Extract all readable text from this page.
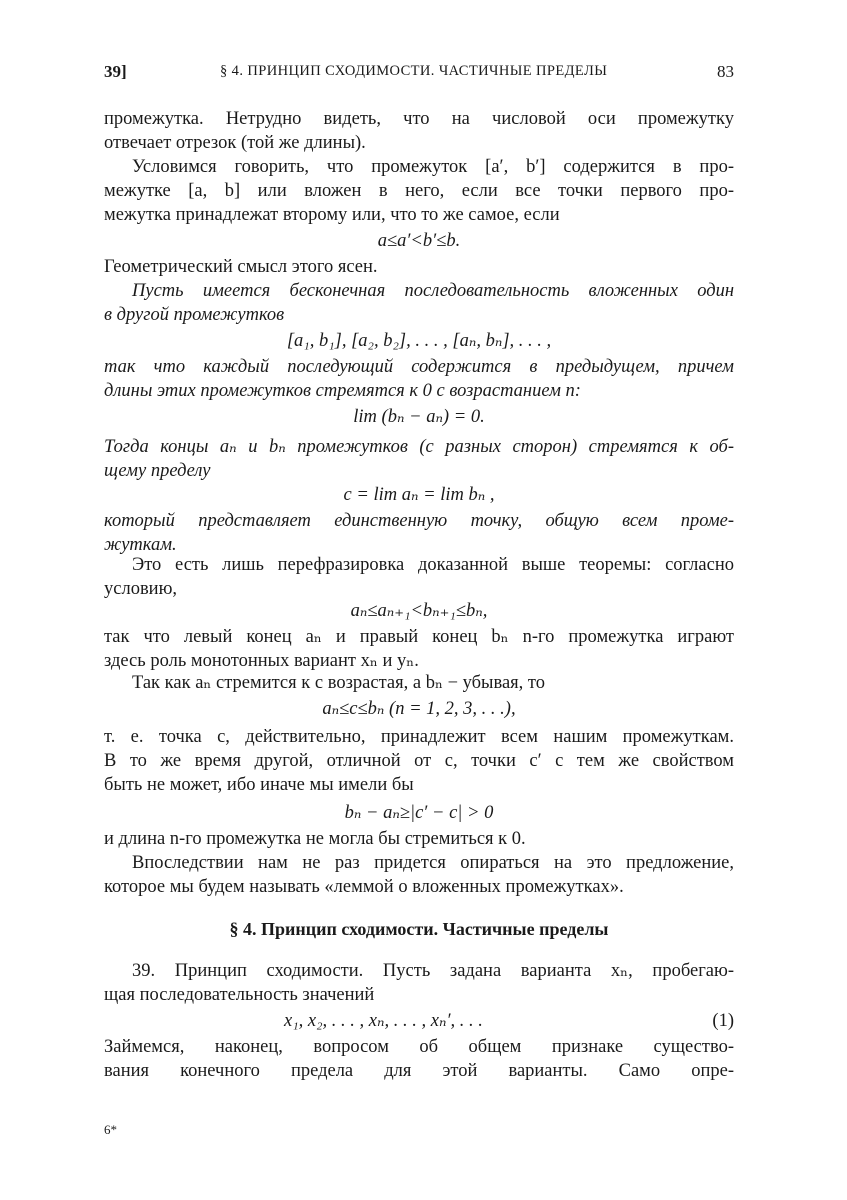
39]	§ 4. ПРИНЦИП СХОДИМОСТИ. ЧАСТИЧНЫЕ ПРЕДЕЛЫ	83
промежутка. Нетрудно видеть, что на числовой оси промежутку
отвечает отрезок (той же длины).
Условимся говорить, что промежуток [a′, b′] содержится в про-
межутке [a, b] или вложен в него, если все точки первого про-
межутка принадлежат второму или, что то же самое, если
a≤a′<b′≤b.
Геометрический смысл этого ясен.
Пусть имеется бесконечная последовательность вложенных один
в другой промежутков
[a₁, b₁], [a₂, b₂], . . . , [aₙ, bₙ], . . . ,
так что каждый последующий содержится в предыдущем, причем
длины этих промежутков стремятся к 0 с возрастанием n:
lim (bₙ − aₙ) = 0.
Тогда концы aₙ и bₙ промежутков (с разных сторон) стремятся к об-
щему пределу
c = lim aₙ = lim bₙ ,
который представляет единственную точку, общую всем проме-
жуткам.
Это есть лишь перефразировка доказанной выше теоремы: согласно
условию,
aₙ≤aₙ₊₁<bₙ₊₁≤bₙ,
так что левый конец aₙ и правый конец bₙ n-го промежутка играют
здесь роль монотонных вариант xₙ и yₙ.
Так как aₙ стремится к c возрастая, а bₙ − убывая, то
aₙ≤c≤bₙ (n = 1, 2, 3, . . .),
т. е. точка c, действительно, принадлежит всем нашим промежуткам.
В то же время другой, отличной от c, точки c′ с тем же свойством
быть не может, ибо иначе мы имели бы
bₙ − aₙ≥|c′ − c| > 0
и длина n-го промежутка не могла бы стремиться к 0.
Впоследствии нам не раз придется опираться на это предложение,
которое мы будем называть «леммой о вложенных промежутках».
§ 4. Принцип сходимости. Частичные пределы
39. Принцип сходимости. Пусть задана варианта xₙ, пробегаю-
щая последовательность значений
x₁, x₂, . . . , xₙ, . . . , xₙ′, . . .	(1)
Займемся, наконец, вопросом об общем признаке существо-
вания конечного предела для этой варианты. Само опре-
6*
